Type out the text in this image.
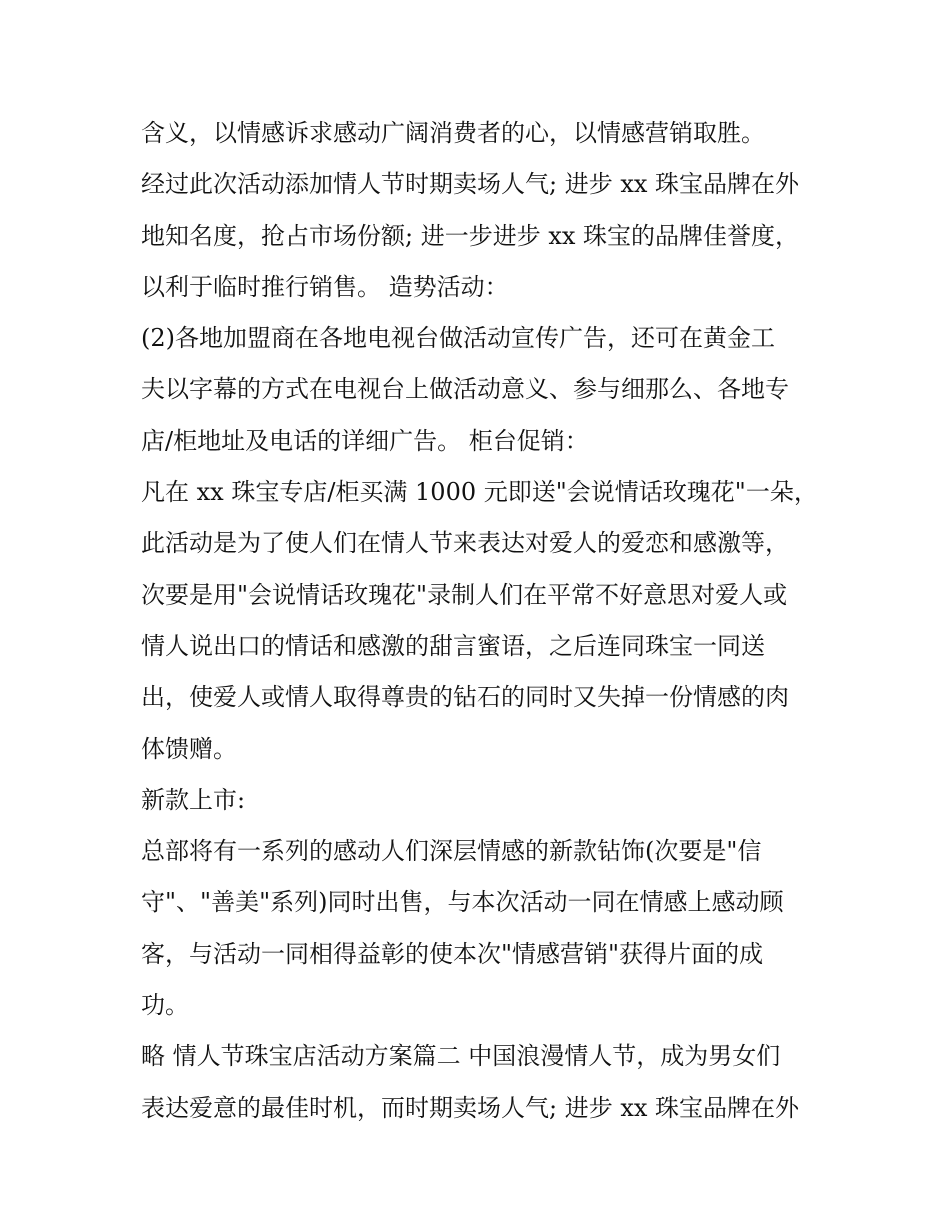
含义，以情感诉求感动广阔消费者的心，以情感营销取胜。
经过此次活动添加情人节时期卖场人气; 进步 xx 珠宝品牌在外
地知名度，抢占市场份额; 进一步进步 xx 珠宝的品牌佳誉度，
以利于临时推行销售。 造势活动：
(2)各地加盟商在各地电视台做活动宣传广告，还可在黄金工
夫以字幕的方式在电视台上做活动意义、参与细那么、各地专
店/柜地址及电话的详细广告。 柜台促销：
凡在 xx 珠宝专店/柜买满 1000 元即送"会说情话玫瑰花"一朵，
此活动是为了使人们在情人节来表达对爱人的爱恋和感激等，
次要是用"会说情话玫瑰花"录制人们在平常不好意思对爱人或
情人说出口的情话和感激的甜言蜜语，之后连同珠宝一同送
出，使爱人或情人取得尊贵的钻石的同时又失掉一份情感的肉
体馈赠。
新款上市:
总部将有一系列的感动人们深层情感的新款钻饰(次要是"信
守"、"善美"系列)同时出售，与本次活动一同在情感上感动顾
客，与活动一同相得益彰的使本次"情感营销"获得片面的成
功。
略 情人节珠宝店活动方案篇二 中国浪漫情人节，成为男女们
表达爱意的最佳时机，而时期卖场人气; 进步 xx 珠宝品牌在外
